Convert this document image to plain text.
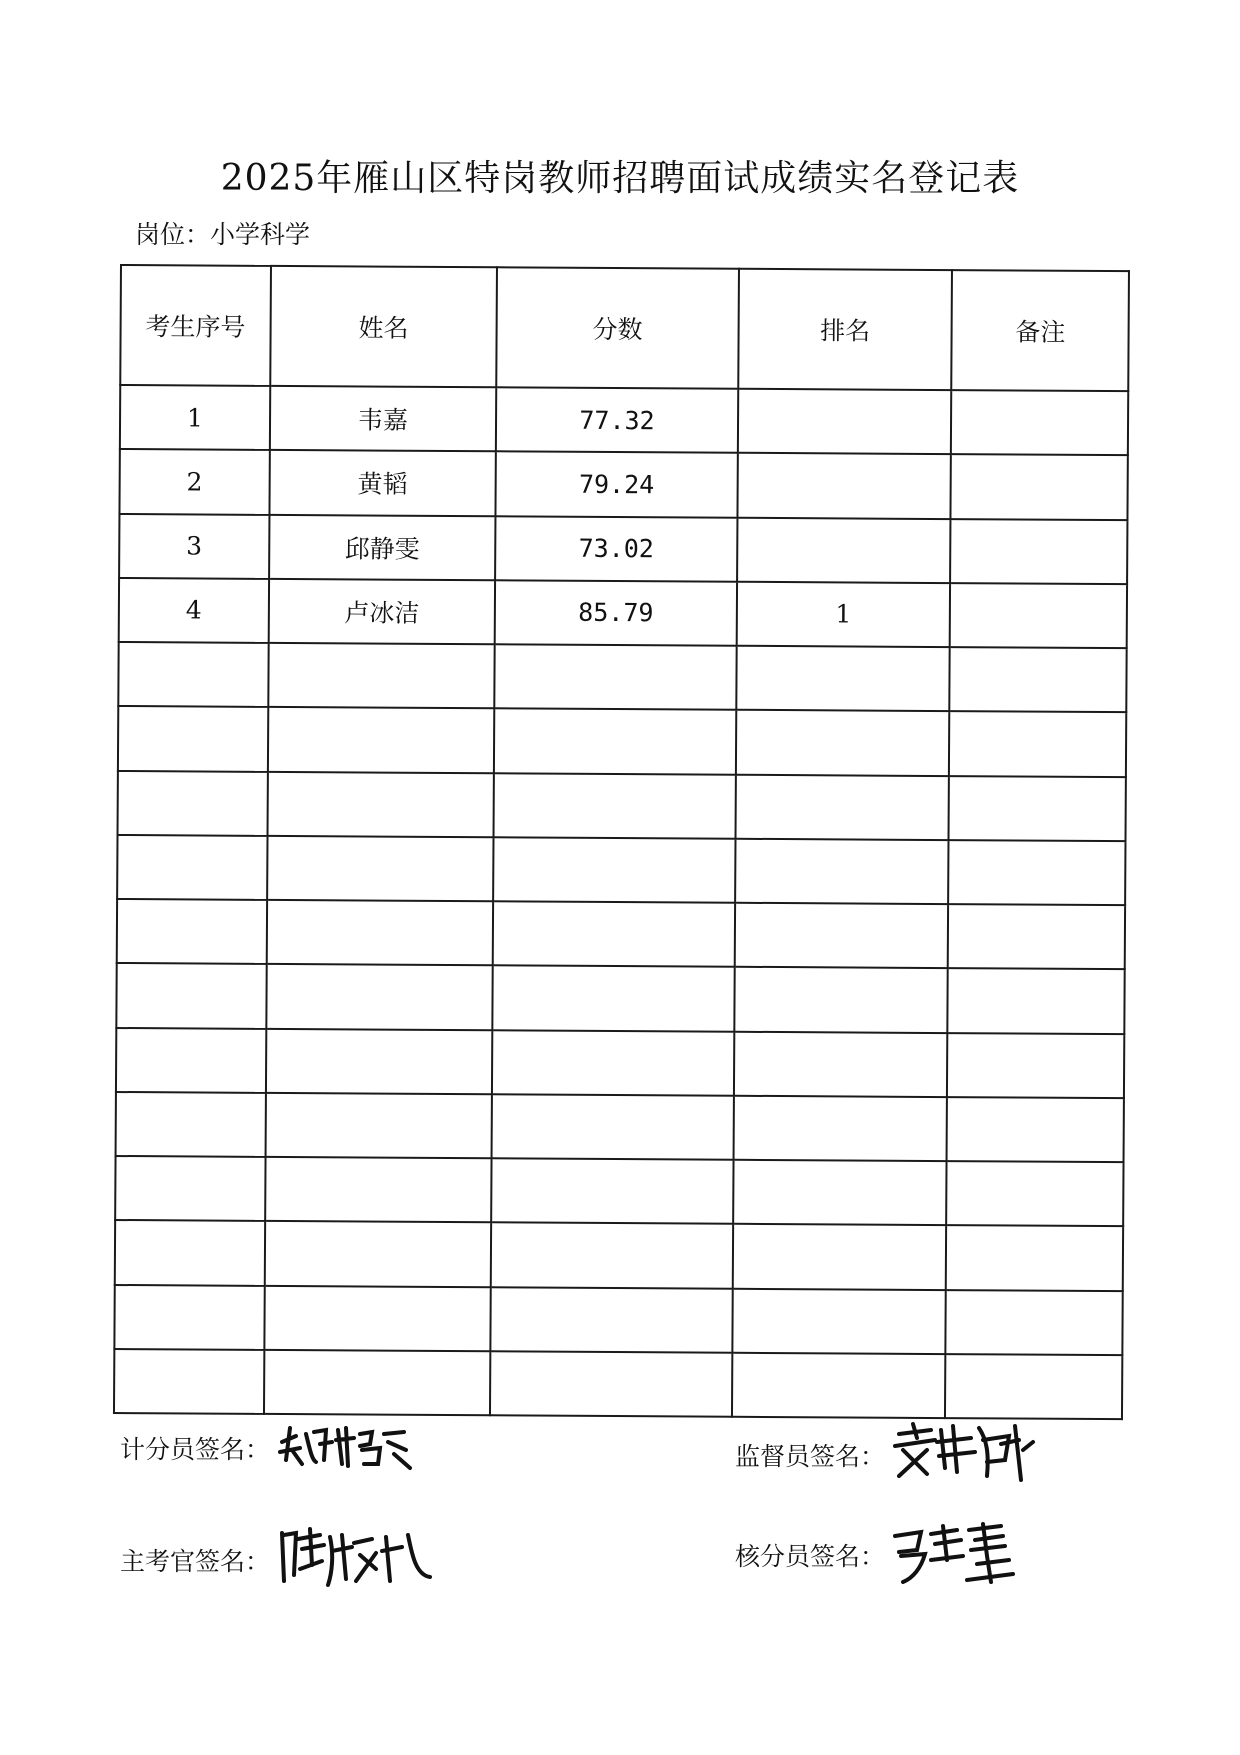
2025年雁山区特岗教师招聘面试成绩实名登记表
岗位：小学科学
考生序号	姓名	分数	排名	备注
1	韦嘉	77.32		
2	黄韬	79.24		
3	邱静雯	73.02		
4	卢冰洁	85.79	1	

计分员签名：	监督员签名：
主考官签名：	核分员签名：
